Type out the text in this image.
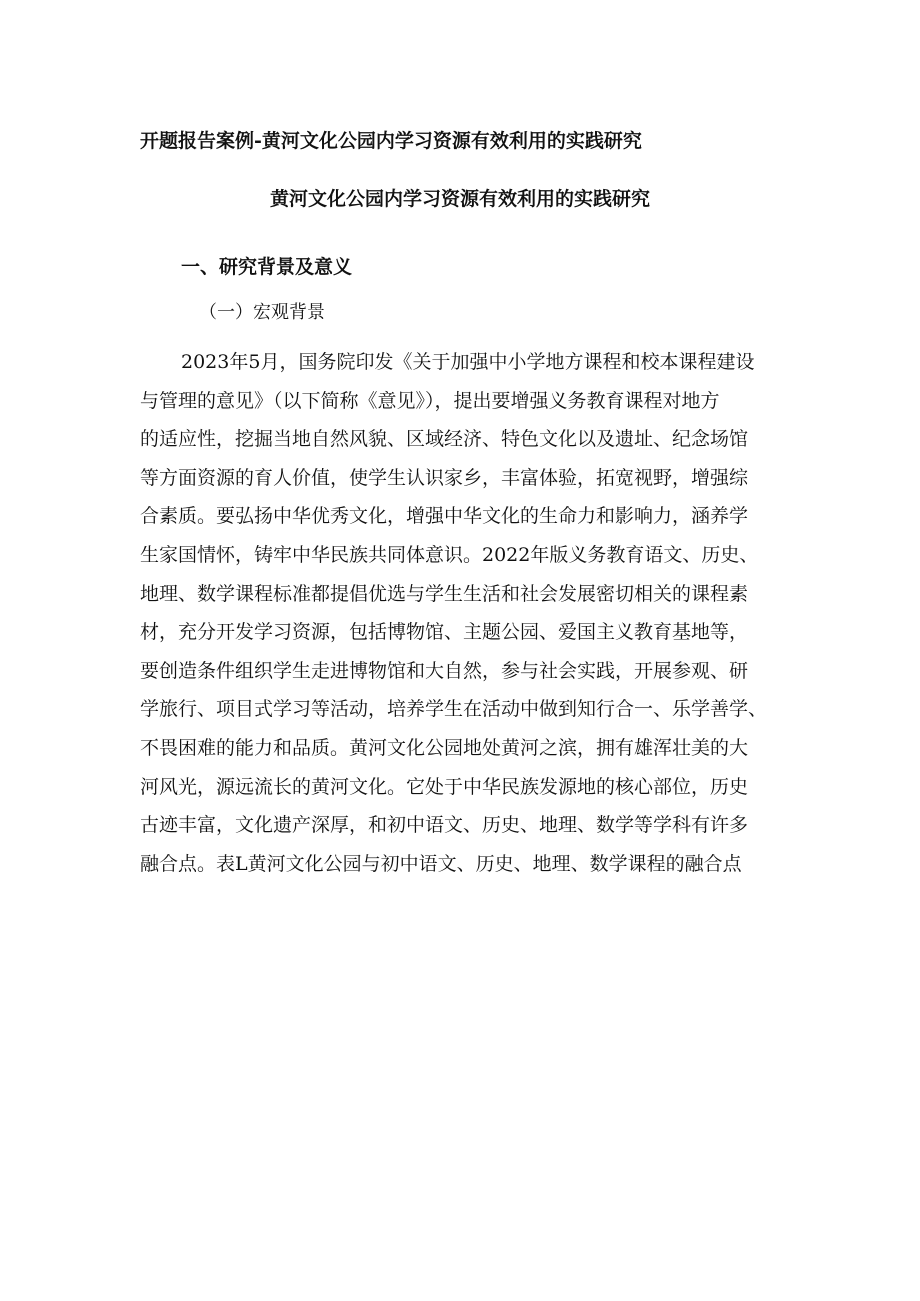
开题报告案例-黄河文化公园内学习资源有效利用的实践研究
黄河文化公园内学习资源有效利用的实践研究
一、研究背景及意义
（一）宏观背景
2023年5月，国务院印发《关于加强中小学地方课程和校本课程建设
与管理的意见》（以下简称《意见》），提出要增强义务教育课程对地方
的适应性，挖掘当地自然风貌、区域经济、特色文化以及遗址、纪念场馆
等方面资源的育人价值，使学生认识家乡，丰富体验，拓宽视野，增强综
合素质。要弘扬中华优秀文化，增强中华文化的生命力和影响力，涵养学
生家国情怀，铸牢中华民族共同体意识。2022年版义务教育语文、历史、
地理、数学课程标准都提倡优选与学生生活和社会发展密切相关的课程素
材，充分开发学习资源，包括博物馆、主题公园、爱国主义教育基地等，
要创造条件组织学生走进博物馆和大自然，参与社会实践，开展参观、研
学旅行、项目式学习等活动，培养学生在活动中做到知行合一、乐学善学、
不畏困难的能力和品质。黄河文化公园地处黄河之滨，拥有雄浑壮美的大
河风光，源远流长的黄河文化。它处于中华民族发源地的核心部位，历史
古迹丰富，文化遗产深厚，和初中语文、历史、地理、数学等学科有许多
融合点。表L黄河文化公园与初中语文、历史、地理、数学课程的融合点
